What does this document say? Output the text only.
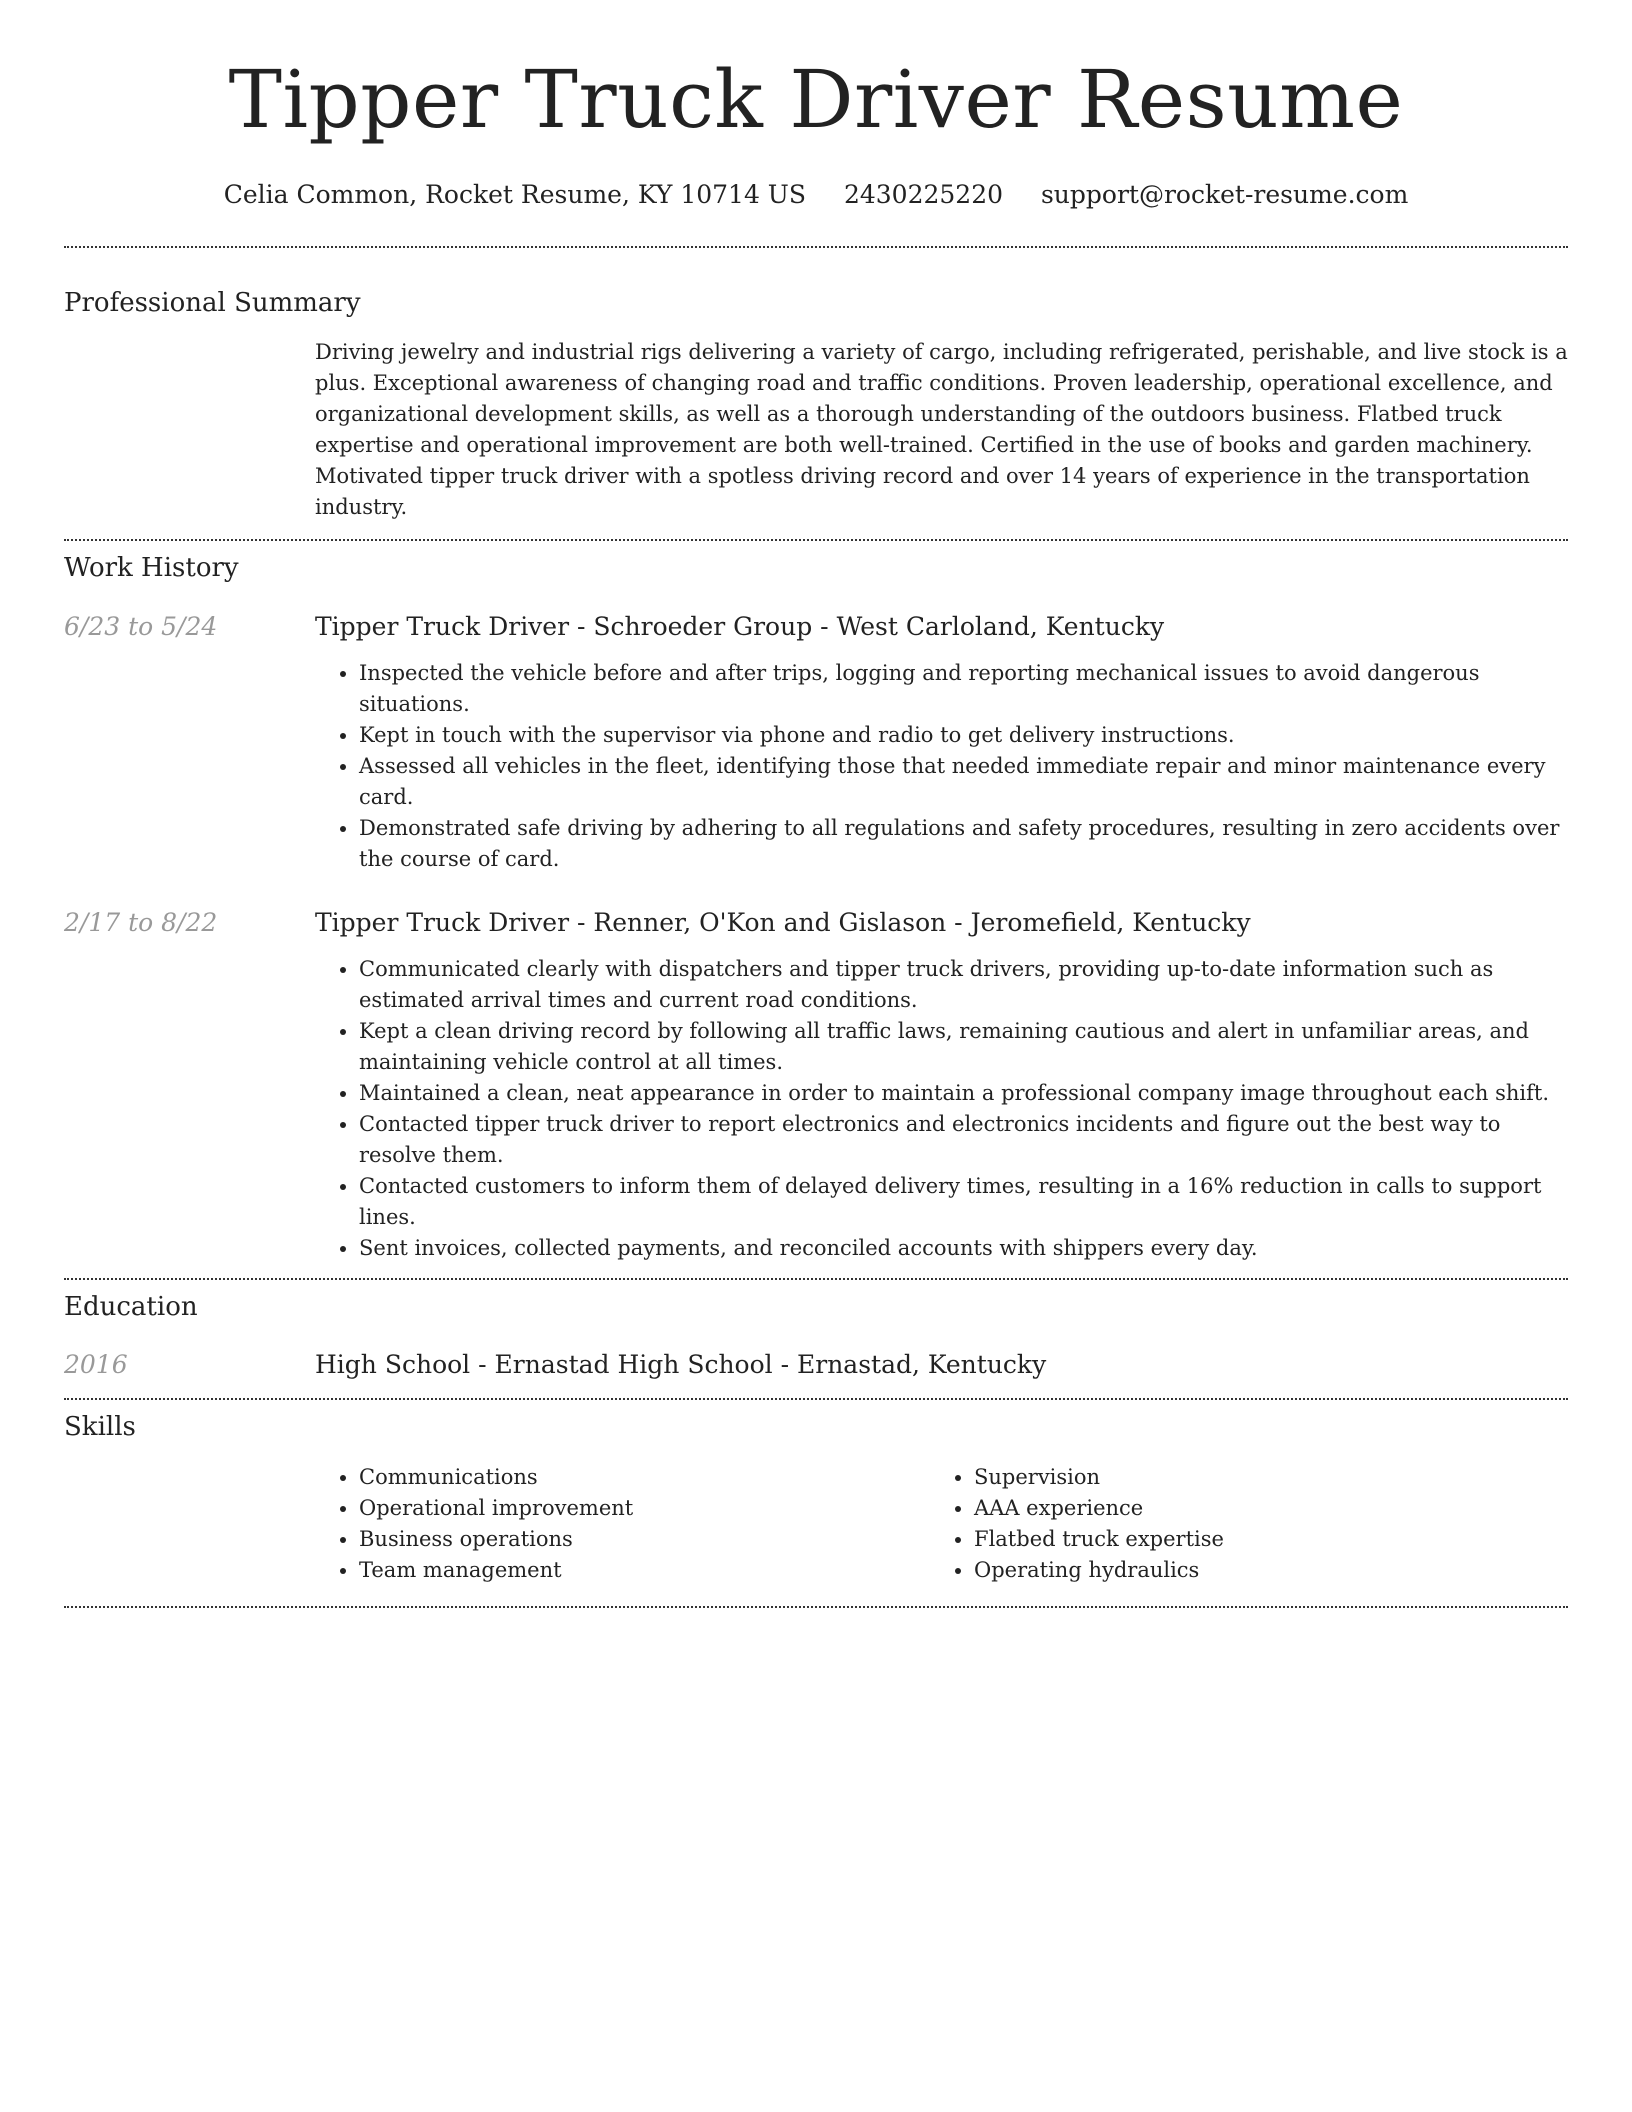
Tipper Truck Driver Resume
Celia Common, Rocket Resume, KY 10714 US 2430225220 support@rocket-resume.com
Professional Summary

Driving jewelry and industrial rigs delivering a variety of cargo, including refrigerated, perishable, and live stock is a plus. Exceptional awareness of changing road and traffic conditions. Proven leadership, operational excellence, and organizational development skills, as well as a thorough understanding of the outdoors business. Flatbed truck expertise and operational improvement are both well-trained. Certified in the use of books and garden machinery. Motivated tipper truck driver with a spotless driving record and over 14 years of experience in the transportation industry.

Work History
6/23 to 5/24	Tipper Truck Driver - Schroeder Group - West Carloland, Kentucky
• Inspected the vehicle before and after trips, logging and reporting mechanical issues to avoid dangerous situations.
• Kept in touch with the supervisor via phone and radio to get delivery instructions.
• Assessed all vehicles in the fleet, identifying those that needed immediate repair and minor maintenance every card.
• Demonstrated safe driving by adhering to all regulations and safety procedures, resulting in zero accidents over the course of card.
2/17 to 8/22	Tipper Truck Driver - Renner, O'Kon and Gislason - Jeromefield, Kentucky
• Communicated clearly with dispatchers and tipper truck drivers, providing up-to-date information such as estimated arrival times and current road conditions.
• Kept a clean driving record by following all traffic laws, remaining cautious and alert in unfamiliar areas, and maintaining vehicle control at all times.
• Maintained a clean, neat appearance in order to maintain a professional company image throughout each shift.
• Contacted tipper truck driver to report electronics and electronics incidents and figure out the best way to resolve them.
• Contacted customers to inform them of delayed delivery times, resulting in a 16% reduction in calls to support lines.
• Sent invoices, collected payments, and reconciled accounts with shippers every day.
Education
2016	High School - Ernastad High School - Ernastad, Kentucky
Skills
• Communications
• Operational improvement
• Business operations
• Team management
• Supervision
• AAA experience
• Flatbed truck expertise
• Operating hydraulics
